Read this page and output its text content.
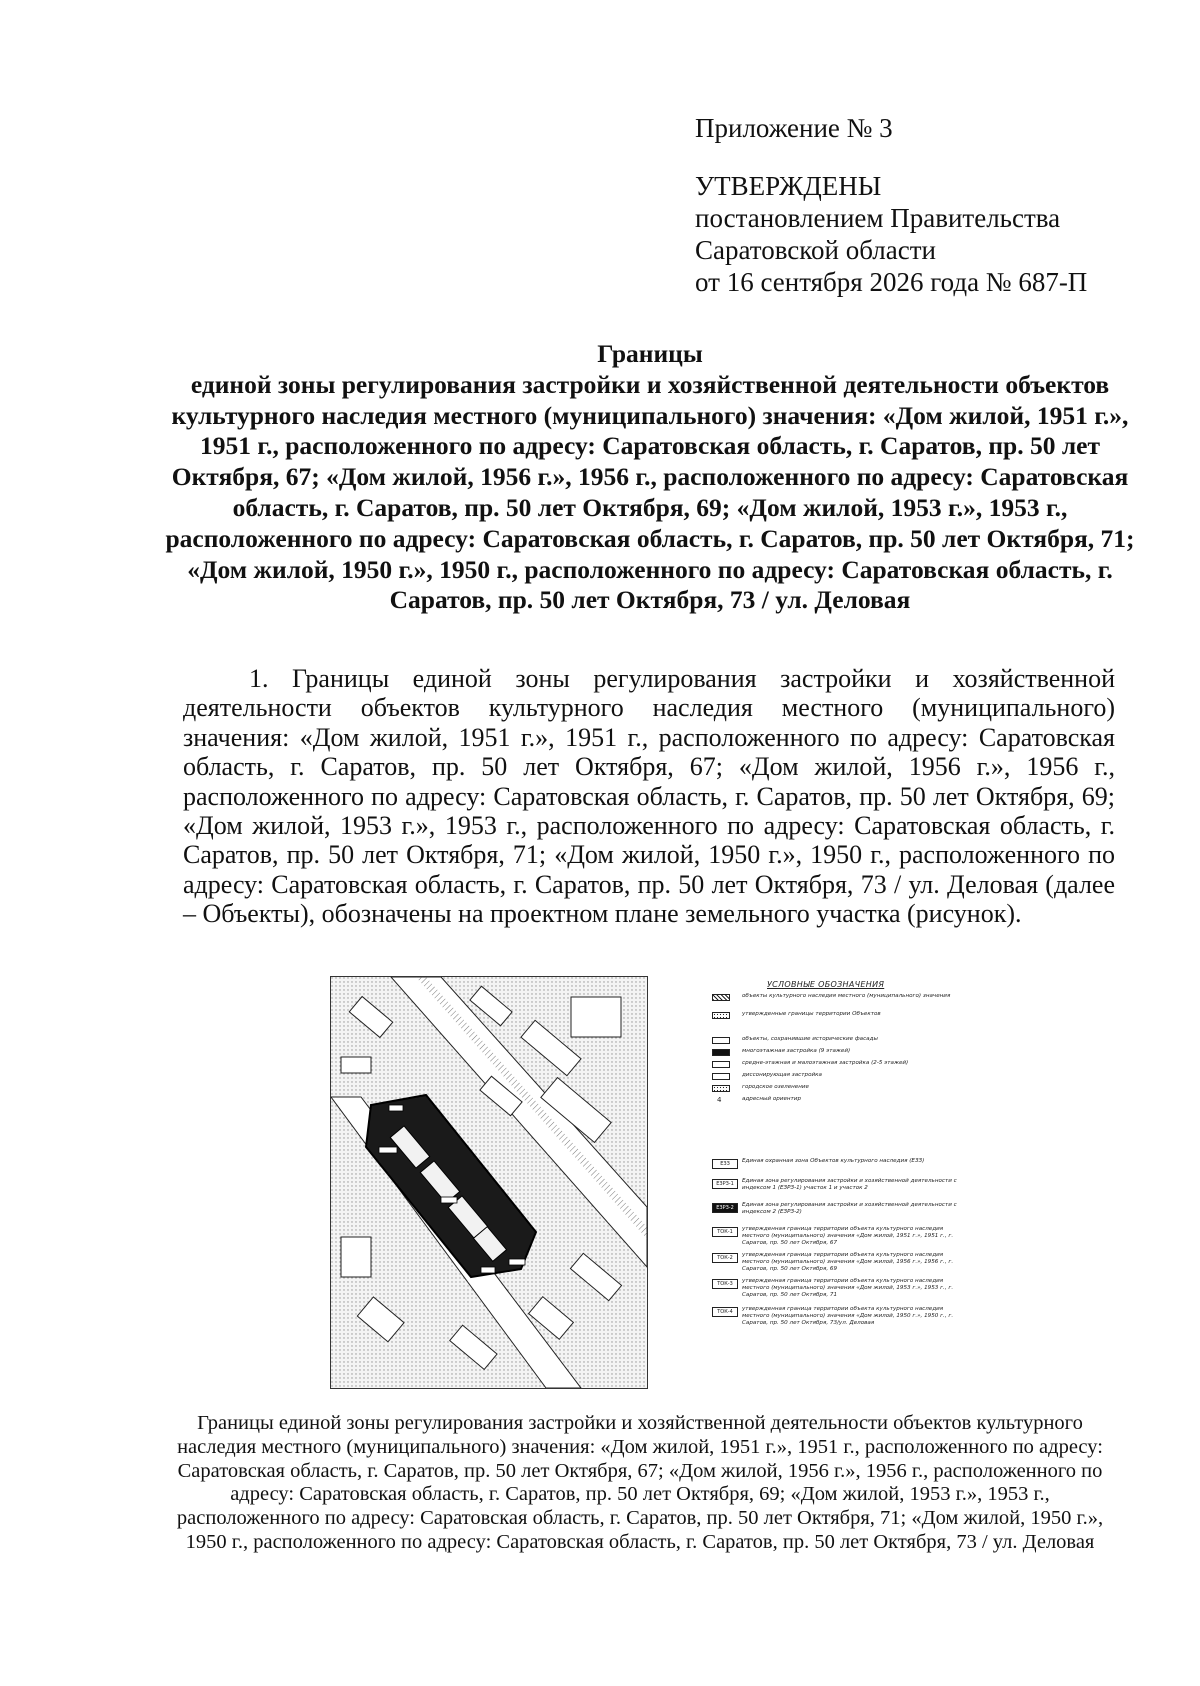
Приложение № 3
УТВЕРЖДЕНЫ
постановлением Правительства
Саратовской области
от 16 сентября 2026 года № 687-П
Границы
единой зоны регулирования застройки и хозяйственной деятельности объектов культурного наследия местного (муниципального) значения: «Дом жилой, 1951 г.», 1951 г., расположенного по адресу: Саратовская область, г. Саратов, пр. 50 лет Октября, 67; «Дом жилой, 1956 г.», 1956 г., расположенного по адресу: Саратовская область, г. Саратов, пр. 50 лет Октября, 69; «Дом жилой, 1953 г.», 1953 г., расположенного по адресу: Саратовская область, г. Саратов, пр. 50 лет Октября, 71; «Дом жилой, 1950 г.», 1950 г., расположенного по адресу: Саратовская область, г. Саратов, пр. 50 лет Октября, 73 / ул. Деловая
1. Границы единой зоны регулирования застройки и хозяйственной деятельности объектов культурного наследия местного (муниципального) значения: «Дом жилой, 1951 г.», 1951 г., расположенного по адресу: Саратовская область, г. Саратов, пр. 50 лет Октября, 67; «Дом жилой, 1956 г.», 1956 г., расположенного по адресу: Саратовская область, г. Саратов, пр. 50 лет Октября, 69; «Дом жилой, 1953 г.», 1953 г., расположенного по адресу: Саратовская область, г. Саратов, пр. 50 лет Октября, 71; «Дом жилой, 1950 г.», 1950 г., расположенного по адресу: Саратовская область, г. Саратов, пр. 50 лет Октября, 73 / ул. Деловая (далее – Объекты), обозначены на проектном плане земельного участка (рисунок).
УСЛОВНЫЕ ОБОЗНАЧЕНИЯ
объекты культурного наследия местного (муниципального) значения
утвержденные границы территории Объектов
объекты, сохранившие исторические фасады
многоэтажная застройка (9 этажей)
средне-этажная и малоэтажная застройка (2-5 этажей)
диссонирующая застройка
городское озеленение
4	адресный ориентир
ЕЗЗ	Единая охранная зона Объектов культурного наследия (ЕЗЗ)
ЕЗРЗ-1	Единая зона регулирования застройки и хозяйственной деятельности с индексом 1 (ЕЗРЗ-1) участок 1 и участок 2
ЕЗРЗ-2	Единая зона регулирования застройки и хозяйственной деятельности с индексом 2 (ЕЗРЗ-2)
ТОК-1	утвержденная граница территории объекта культурного наследия местного (муниципального) значения «Дом жилой, 1951 г.», 1951 г., г. Саратов, пр. 50 лет Октября, 67
ТОК-2	утвержденная граница территории объекта культурного наследия местного (муниципального) значения «Дом жилой, 1956 г.», 1956 г., г. Саратов, пр. 50 лет Октября, 69
ТОК-3	утвержденная граница территории объекта культурного наследия местного (муниципального) значения «Дом жилой, 1953 г.», 1953 г., г. Саратов, пр. 50 лет Октября, 71
ТОК-4	утвержденная граница территории объекта культурного наследия местного (муниципального) значения «Дом жилой, 1950 г.», 1950 г., г. Саратов, пр. 50 лет Октября, 73/ул. Деловая
Границы единой зоны регулирования застройки и хозяйственной деятельности объектов культурного наследия местного (муниципального) значения: «Дом жилой, 1951 г.», 1951 г., расположенного по адресу: Саратовская область, г. Саратов, пр. 50 лет Октября, 67; «Дом жилой, 1956 г.», 1956 г., расположенного по адресу: Саратовская область, г. Саратов, пр. 50 лет Октября, 69; «Дом жилой, 1953 г.», 1953 г., расположенного по адресу: Саратовская область, г. Саратов, пр. 50 лет Октября, 71; «Дом жилой, 1950 г.», 1950 г., расположенного по адресу: Саратовская область, г. Саратов, пр. 50 лет Октября, 73 / ул. Деловая
